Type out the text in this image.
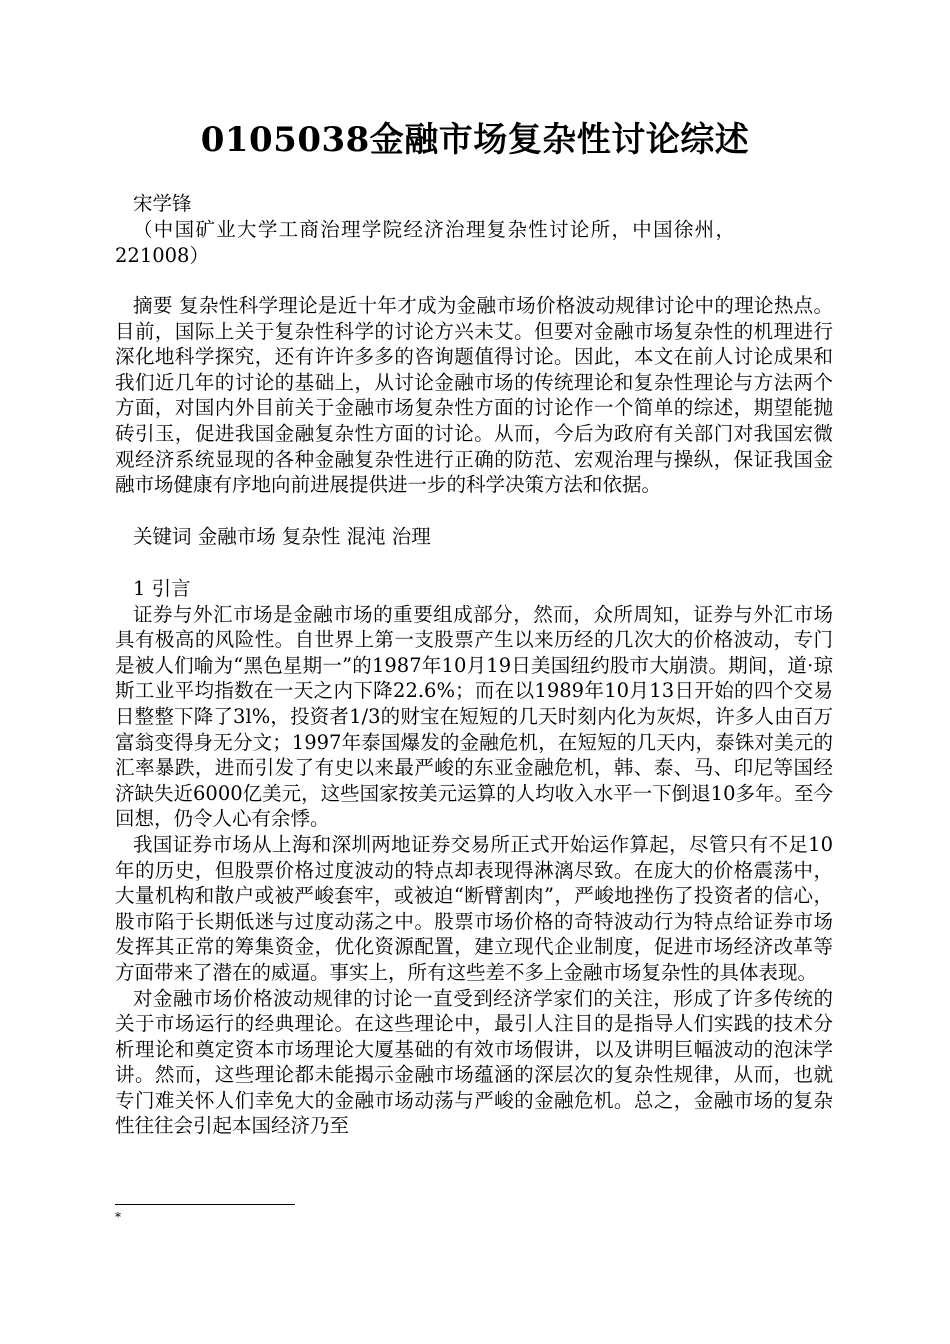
0105038金融市场复杂性讨论综述
宋学锋

（中国矿业大学工商治理学院经济治理复杂性讨论所，中国徐州，221008）

摘要 复杂性科学理论是近十年才成为金融市场价格波动规律讨论中的理论热点。目前，国际上关于复杂性科学的讨论方兴未艾。但要对金融市场复杂性的机理进行深化地科学探究，还有许许多多的咨询题值得讨论。因此，本文在前人讨论成果和我们近几年的讨论的基础上，从讨论金融市场的传统理论和复杂性理论与方法两个方面，对国内外目前关于金融市场复杂性方面的讨论作一个简单的综述，期望能抛砖引玉，促进我国金融复杂性方面的讨论。从而，今后为政府有关部门对我国宏微观经济系统显现的各种金融复杂性进行正确的防范、宏观治理与操纵，保证我国金融市场健康有序地向前进展提供进一步的科学决策方法和依据。

关键词 金融市场 复杂性 混沌 治理

1 引言

证券与外汇市场是金融市场的重要组成部分，然而，众所周知，证券与外汇市场具有极高的风险性。自世界上第一支股票产生以来历经的几次大的价格波动，专门是被人们喻为“黑色星期一”的1987年10月19日美国纽约股市大崩溃。期间，道·琼斯工业平均指数在一天之内下降22.6%；而在以1989年10月13日开始的四个交易日整整下降了3l%，投资者1/3的财宝在短短的几天时刻内化为灰烬，许多人由百万富翁变得身无分文；1997年泰国爆发的金融危机，在短短的几天内，泰铢对美元的汇率暴跌，进而引发了有史以来最严峻的东亚金融危机，韩、泰、马、印尼等国经济缺失近6000亿美元，这些国家按美元运算的人均收入水平一下倒退10多年。至今回想，仍令人心有余悸。

我国证券市场从上海和深圳两地证券交易所正式开始运作算起，尽管只有不足10年的历史，但股票价格过度波动的特点却表现得淋漓尽致。在庞大的价格震荡中，大量机构和散户或被严峻套牢，或被迫“断臂割肉”，严峻地挫伤了投资者的信心，股市陷于长期低迷与过度动荡之中。股票市场价格的奇特波动行为特点给证券市场发挥其正常的筹集资金，优化资源配置，建立现代企业制度，促进市场经济改革等方面带来了潜在的威逼。事实上，所有这些差不多上金融市场复杂性的具体表现。

对金融市场价格波动规律的讨论一直受到经济学家们的关注，形成了许多传统的关于市场运行的经典理论。在这些理论中，最引人注目的是指导人们实践的技术分析理论和奠定资本市场理论大厦基础的有效市场假讲，以及讲明巨幅波动的泡沫学讲。然而，这些理论都未能揭示金融市场蕴涵的深层次的复杂性规律，从而，也就专门难关怀人们幸免大的金融市场动荡与严峻的金融危机。总之，金融市场的复杂性往往会引起本国经济乃至

*
